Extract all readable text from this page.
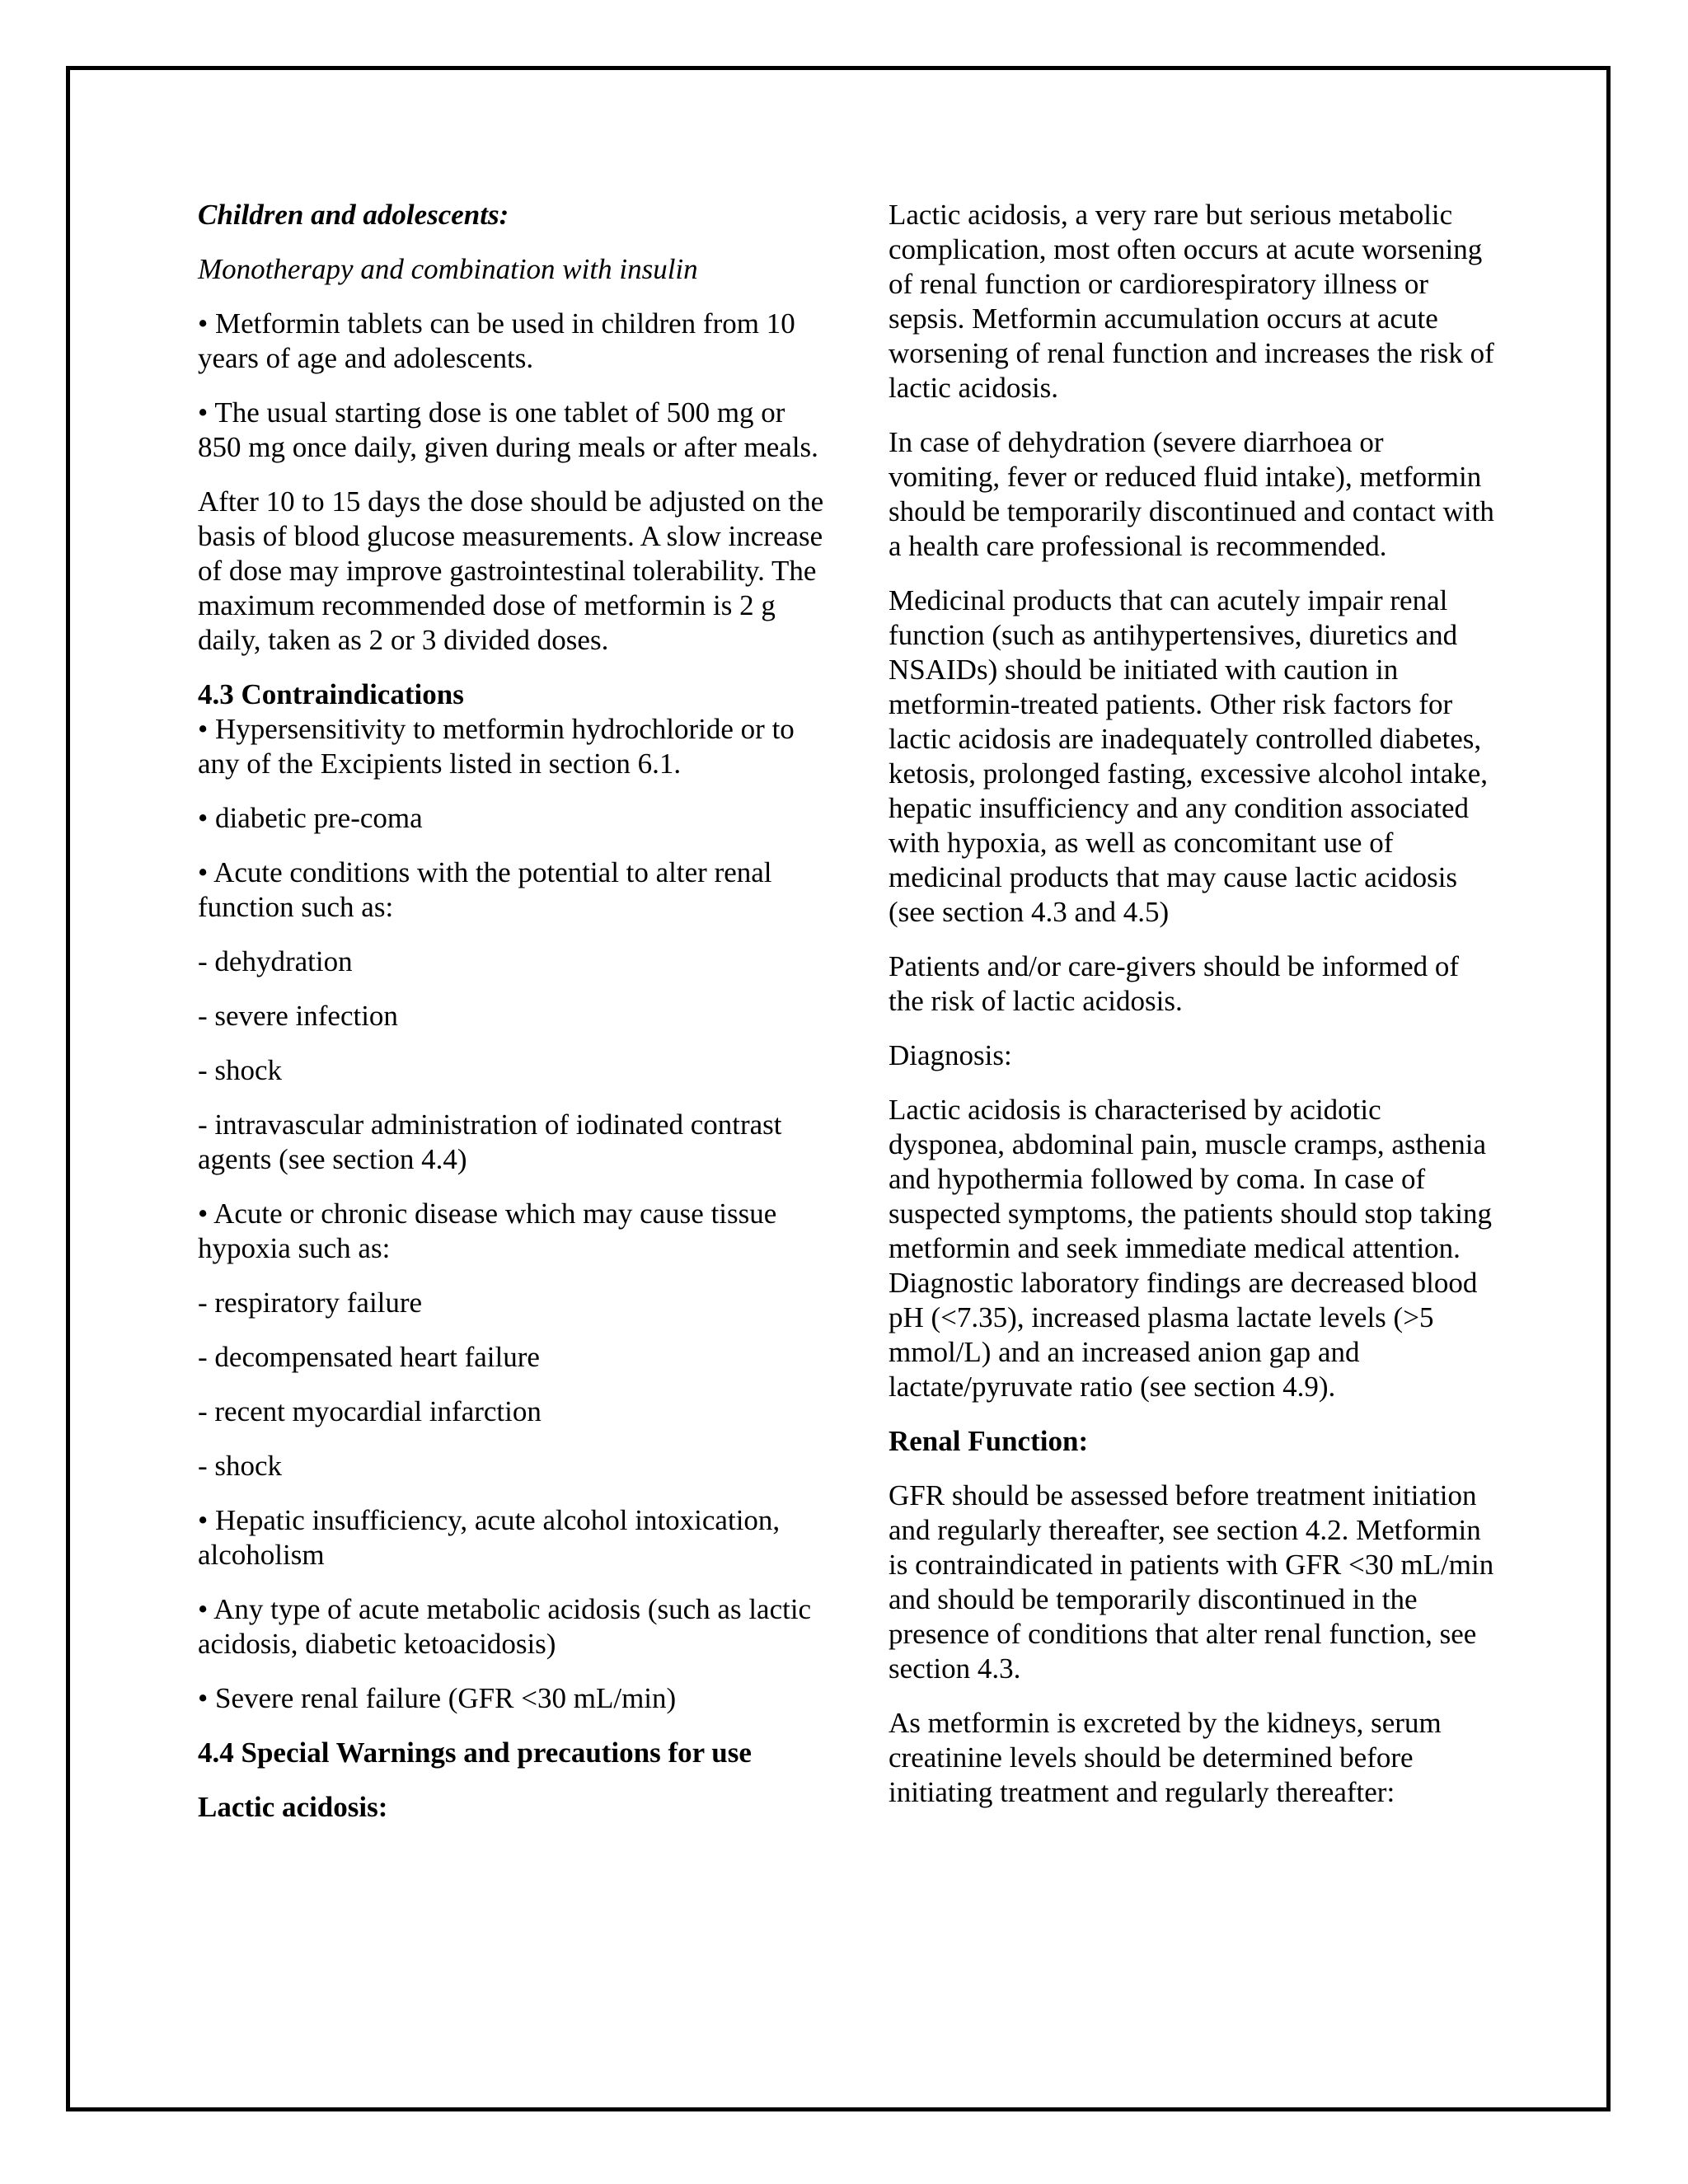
Children and adolescents:

Monotherapy and combination with insulin

• Metformin tablets can be used in children from 10 years of age and adolescents.

• The usual starting dose is one tablet of 500 mg or 850 mg once daily, given during meals or after meals.

After 10 to 15 days the dose should be adjusted on the basis of blood glucose measurements. A slow increase of dose may improve gastrointestinal tolerability. The maximum recommended dose of metformin is 2 g daily, taken as 2 or 3 divided doses.

4.3 Contraindications

• Hypersensitivity to metformin hydrochloride or to any of the Excipients listed in section 6.1.

• diabetic pre-coma

• Acute conditions with the potential to alter renal function such as:

- dehydration

- severe infection

- shock

- intravascular administration of iodinated contrast agents (see section 4.4)

• Acute or chronic disease which may cause tissue hypoxia such as:

- respiratory failure

- decompensated heart failure

- recent myocardial infarction

- shock

• Hepatic insufficiency, acute alcohol intoxication, alcoholism

• Any type of acute metabolic acidosis (such as lactic acidosis, diabetic ketoacidosis)

• Severe renal failure (GFR <30 mL/min)

4.4 Special Warnings and precautions for use

Lactic acidosis:

Lactic acidosis, a very rare but serious metabolic complication, most often occurs at acute worsening of renal function or cardiorespiratory illness or sepsis. Metformin accumulation occurs at acute worsening of renal function and increases the risk of lactic acidosis.

In case of dehydration (severe diarrhoea or vomiting, fever or reduced fluid intake), metformin should be temporarily discontinued and contact with a health care professional is recommended.

Medicinal products that can acutely impair renal function (such as antihypertensives, diuretics and NSAIDs) should be initiated with caution in metformin-treated patients. Other risk factors for lactic acidosis are inadequately controlled diabetes, ketosis, prolonged fasting, excessive alcohol intake, hepatic insufficiency and any condition associated with hypoxia, as well as concomitant use of medicinal products that may cause lactic acidosis (see section 4.3 and 4.5)

Patients and/or care-givers should be informed of the risk of lactic acidosis.

Diagnosis:

Lactic acidosis is characterised by acidotic dysponea, abdominal pain, muscle cramps, asthenia and hypothermia followed by coma. In case of suspected symptoms, the patients should stop taking metformin and seek immediate medical attention. Diagnostic laboratory findings are decreased blood pH (<7.35), increased plasma lactate levels (>5 mmol/L) and an increased anion gap and lactate/pyruvate ratio (see section 4.9).

Renal Function:

GFR should be assessed before treatment initiation and regularly thereafter, see section 4.2. Metformin is contraindicated in patients with GFR <30 mL/min and should be temporarily discontinued in the presence of conditions that alter renal function, see section 4.3.

As metformin is excreted by the kidneys, serum creatinine levels should be determined before initiating treatment and regularly thereafter:
